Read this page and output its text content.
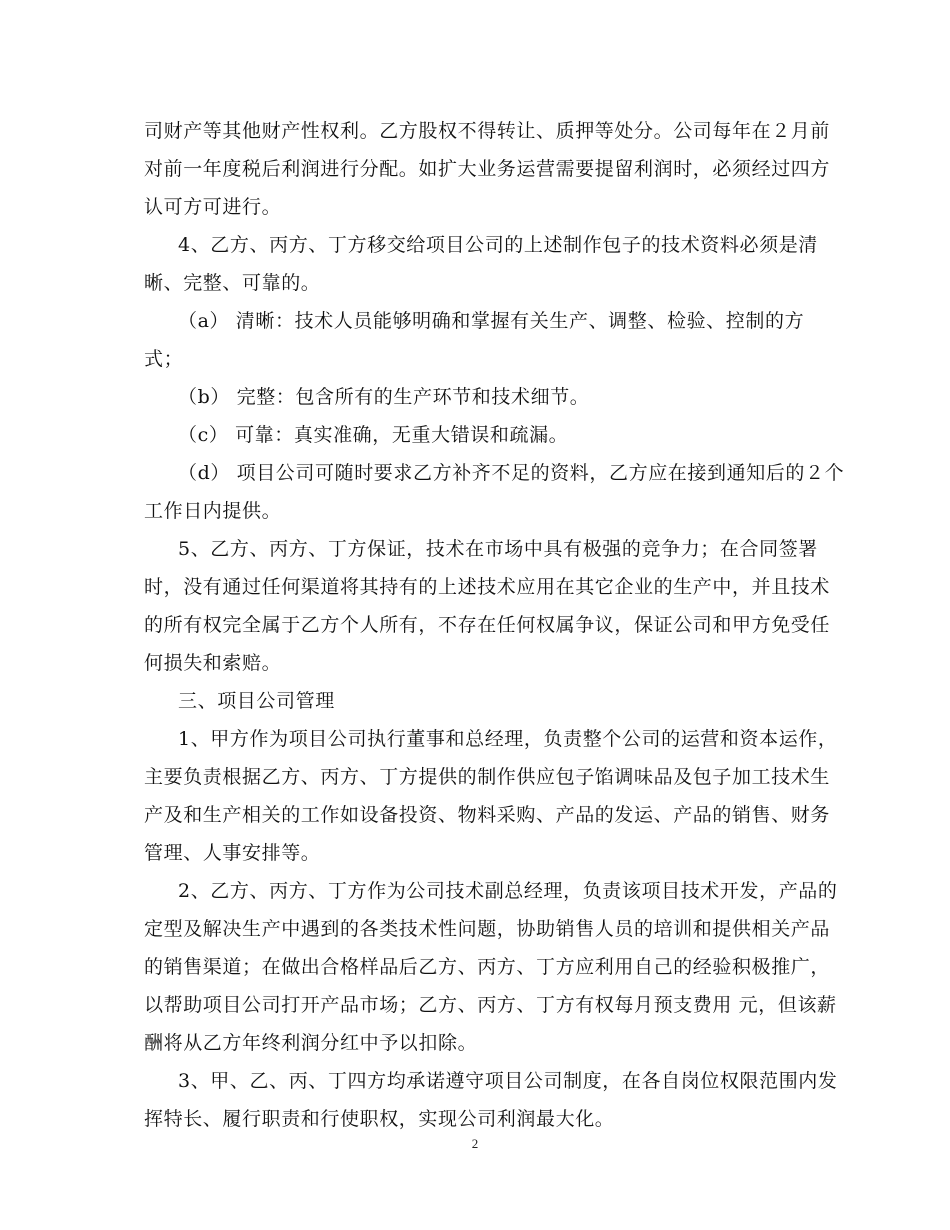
司财产等其他财产性权利。乙方股权不得转让、质押等处分。公司每年在２月前
对前一年度税后利润进行分配。如扩大业务运营需要提留利润时，必须经过四方
认可方可进行。
4、乙方、丙方、丁方移交给项目公司的上述制作包子的技术资料必须是清
晰、完整、可靠的。
（a） 清晰：技术人员能够明确和掌握有关生产、调整、检验、控制的方
式；
（b） 完整：包含所有的生产环节和技术细节。
（c） 可靠：真实准确，无重大错误和疏漏。
（d） 项目公司可随时要求乙方补齐不足的资料，乙方应在接到通知后的２个
工作日内提供。
5、乙方、丙方、丁方保证，技术在市场中具有极强的竞争力；在合同签署
时，没有通过任何渠道将其持有的上述技术应用在其它企业的生产中，并且技术
的所有权完全属于乙方个人所有，不存在任何权属争议，保证公司和甲方免受任
何损失和索赔。
三、项目公司管理
1、甲方作为项目公司执行董事和总经理，负责整个公司的运营和资本运作，
主要负责根据乙方、丙方、丁方提供的制作供应包子馅调味品及包子加工技术生
产及和生产相关的工作如设备投资、物料采购、产品的发运、产品的销售、财务
管理、人事安排等。
2、乙方、丙方、丁方作为公司技术副总经理，负责该项目技术开发，产品的
定型及解决生产中遇到的各类技术性问题，协助销售人员的培训和提供相关产品
的销售渠道；在做出合格样品后乙方、丙方、丁方应利用自己的经验积极推广，
以帮助项目公司打开产品市场；乙方、丙方、丁方有权每月预支费用 元，但该薪
酬将从乙方年终利润分红中予以扣除。
3、甲、乙、丙、丁四方均承诺遵守项目公司制度，在各自岗位权限范围内发
挥特长、履行职责和行使职权，实现公司利润最大化。
2
